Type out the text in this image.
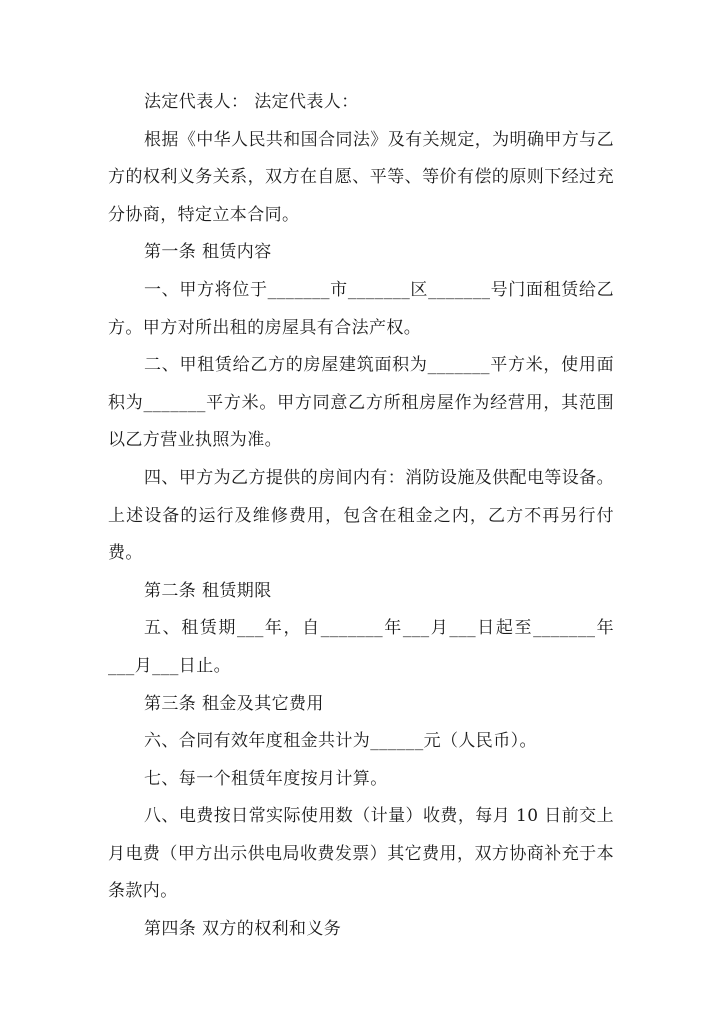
法定代表人： 法定代表人：

根据《中华人民共和国合同法》及有关规定，为明确甲方与乙方的权利义务关系，双方在自愿、平等、等价有偿的原则下经过充分协商，特定立本合同。

第一条 租赁内容

一、甲方将位于_______市_______区_______号门面租赁给乙方。甲方对所出租的房屋具有合法产权。

二、甲租赁给乙方的房屋建筑面积为_______平方米，使用面积为_______平方米。甲方同意乙方所租房屋作为经营用，其范围以乙方营业执照为准。

四、甲方为乙方提供的房间内有：消防设施及供配电等设备。上述设备的运行及维修费用，包含在租金之内，乙方不再另行付费。

第二条 租赁期限

五、租赁期___年，自_______年___月___日起至_______年___月___日止。

第三条 租金及其它费用

六、合同有效年度租金共计为______元（人民币）。

七、每一个租赁年度按月计算。

八、电费按日常实际使用数（计量）收费，每月 10 日前交上月电费（甲方出示供电局收费发票）其它费用，双方协商补充于本条款内。

第四条 双方的权利和义务
